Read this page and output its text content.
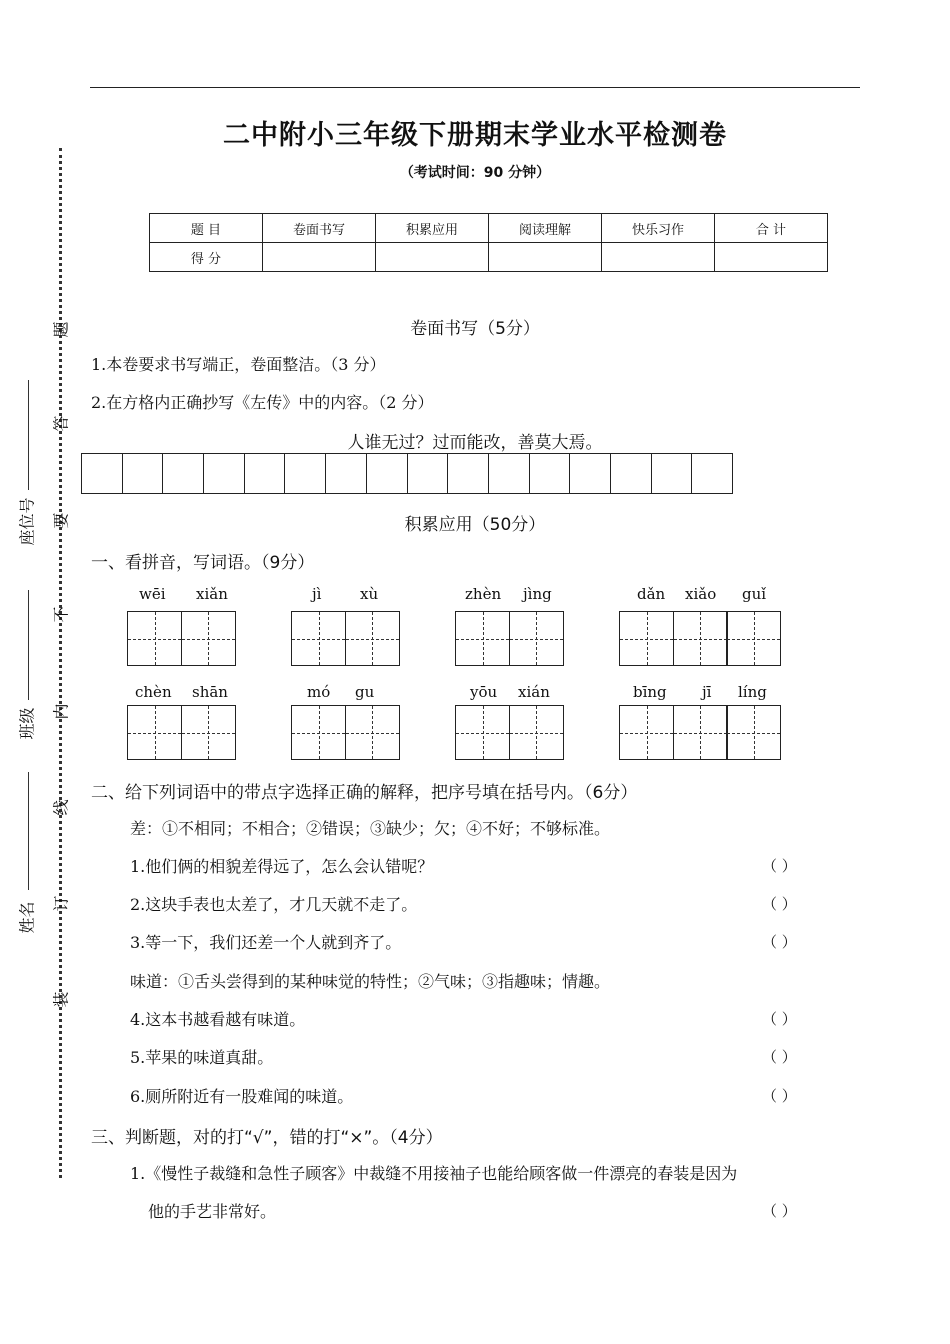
二中附小三年级下册期末学业水平检测卷
（考试时间：90 分钟）
题 目	卷面书写	积累应用	阅读理解	快乐习作	合 计
得 分					
题
答
要
不
内
线
订
装
座位号
班级
姓名
卷面书写（5分）
1.本卷要求书写端正，卷面整洁。（3 分）
2.在方格内正确抄写《左传》中的内容。（2 分）
人谁无过？过而能改，善莫大焉。
积累应用（50分）
一、看拼音，写词语。（9分）
wēi xiǎn	jì	xù	zhèn jìng	dǎn xiǎo guǐ
chèn shān	mó gu	yōu xián	bīng jī líng
二、给下列词语中的带点字选择正确的解释，把序号填在括号内。（6分）
差：①不相同；不相合；②错误；③缺少；欠；④不好；不够标准。
1.他们俩的相貌差得远了，怎么会认错呢？	（ ）
2.这块手表也太差了，才几天就不走了。	（ ）
3.等一下，我们还差一个人就到齐了。	（ ）
味道：①舌头尝得到的某种味觉的特性；②气味；③指趣味；情趣。
4.这本书越看越有味道。	（ ）
5.苹果的味道真甜。	（ ）
6.厕所附近有一股难闻的味道。	（ ）
三、判断题，对的打“√”，错的打“×”。（4分）
1.《慢性子裁缝和急性子顾客》中裁缝不用接袖子也能给顾客做一件漂亮的春装是因为
他的手艺非常好。	（ ）
